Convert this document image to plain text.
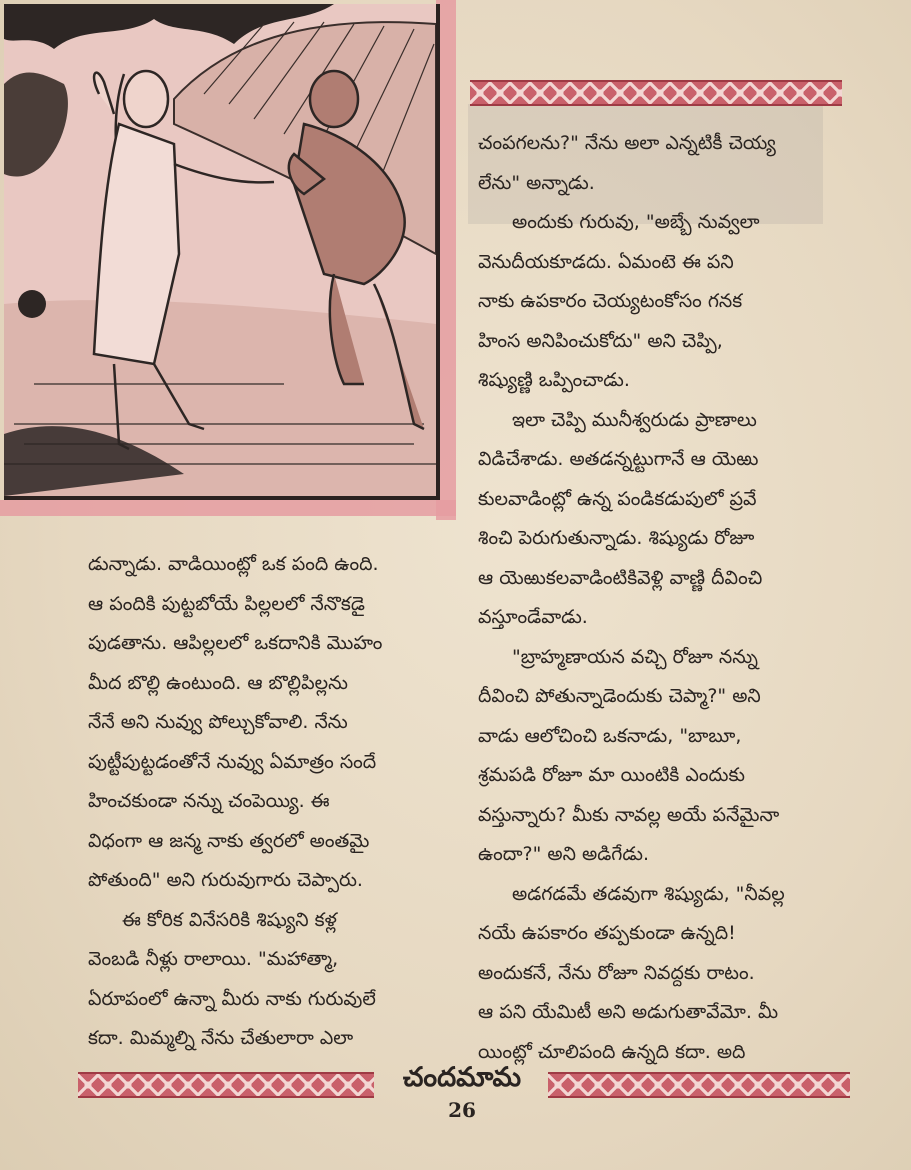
చంపగలను?" నేను అలా ఎన్నటికీ చెయ్య

లేను" అన్నాడు.

అందుకు గురువు, "అబ్బే నువ్వలా

వెనుదీయకూడదు. ఏమంటె ఈ పని

నాకు ఉపకారం చెయ్యటంకోసం గనక

హింస అనిపించుకోదు" అని చెప్పి,

శిష్యుణ్ణి ఒప్పించాడు.

ఇలా చెప్పి మునీశ్వరుడు ప్రాణాలు

విడిచేశాడు. అతడన్నట్టుగానే ఆ యెఱు

కులవాడింట్లో ఉన్న పండికడుపులో ప్రవే

శించి పెరుగుతున్నాడు. శిష్యుడు రోజూ

ఆ యెఱుకలవాడింటికివెళ్లి వాణ్ణి దీవించి

వస్తూండేవాడు.

"బ్రాహ్మణాయన వచ్చి రోజూ నన్ను

దీవించి పోతున్నాడెందుకు చెప్మా?" అని

వాడు ఆలోచించి ఒకనాడు, "బాబూ,

శ్రమపడి రోజూ మా యింటికి ఎందుకు

వస్తున్నారు? మీకు నావల్ల అయే పనేమైనా

ఉందా?" అని అడిగేడు.

అడగడమే తడవుగా శిష్యుడు, "నీవల్ల

నయే ఉపకారం తప్పకుండా ఉన్నది!

అందుకనే, నేను రోజూ నివద్దకు రాటం.

ఆ పని యేమిటీ అని అడుగుతావేమో. మీ

యింట్లో చూలిపంది ఉన్నది కదా. అది

డున్నాడు. వాడియింట్లో ఒక పంది ఉంది.

ఆ పందికి పుట్టబోయే పిల్లలలో నేనొకడై

పుడతాను. ఆపిల్లలలో ఒకదానికి మొహం

మీద బొల్లి ఉంటుంది. ఆ బొల్లిపిల్లను

నేనే అని నువ్వు పోల్చుకోవాలి. నేను

పుట్టీపుట్టడంతోనే నువ్వు ఏమాత్రం సందే

హించకుండా నన్ను చంపెయ్యి. ఈ

విధంగా ఆ జన్మ నాకు త్వరలో అంతమై

పోతుంది" అని గురువుగారు చెప్పారు.

ఈ కోరిక వినేసరికి శిష్యుని కళ్ల

వెంబడి నీళ్లు రాలాయి. "మహాత్మా,

ఏరూపంలో ఉన్నా మీరు నాకు గురువులే

కదా. మిమ్మల్ని నేను చేతులారా ఎలా

చందమామ
26
